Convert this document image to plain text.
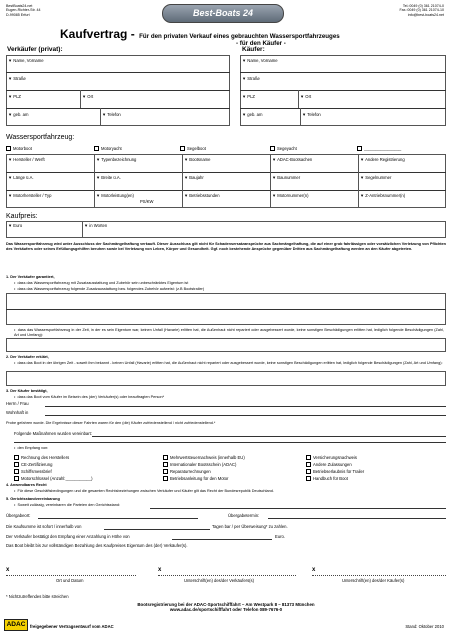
BestBoats24.net
Eugen-Richter-Str. 44
D-99085 Erfurt	Best-Boats 24
Tel.:0049 (0) 361 21074-0
Fax.:0049 (0) 361 21074-10
info@best-boats24.net
Kaufvertrag - Für den privaten Verkauf eines gebrauchten Wassersportfahrzeuges
- für den Käufer -
Verkäufer (privat):	Käufer:
▼ Name, Vorname
▼ Straße
▼ PLZ	▼ Ort
▼ geb. am	▼ Telefon
▼ Name, Vorname
▼ Straße
▼ PLZ	▼ Ort
▼ geb. am	▼ Telefon
Wassersportfahrzeug:
Motorboot	Motoryacht	Segelboot	Segeyacht	________________
▼ Hersteller / Werft	▼ Typenbezeichnung	▼ Bootsname	▼ ADAC-Bootsachen	▼ Andere Registrierung
▼ Länge ü.A.	▼ Breite ü.A.	▼ Baujahr	▼ Baunummer	▼ Segelnummer
▼ Motorhersteller / Typ	▼ Motorleistung(en)
PS/KW
▼ Betriebsstunden	▼ Motornummer(n)	▼ Z-Antriebsnummer(n)
Kaufpreis:
▼ Euro	▼ in Worten
Das Wassersportfahrzeug wird unter Ausschluss der Sachmängelhaftung verkauft. Dieser Ausschluss gilt nicht für Schadensersatzansprüche aus Sachmängelhaftung, die auf einer grob fahrlässigen oder vorsätzlichen Verletzung von Pflichten des Verkäufers oder seines Erfüllungsgehilfen beruhen sowie bei Verletzung von Leben, Körper und Gesundheit. Ggf. noch bestehende Ansprüche gegenüber Dritten aus Sachmängelhaftung werden an den Käufer abgetreten.
1. Der Verkäufer garantiert,
•  dass das Wassersportfahrzeug mit Zusatzausstattung und Zubehör sein unbeschränktes Eigentum ist
•  dass das Wassersportfahrzeug folgende Zusatzausstattung bzw. folgendes Zubehör aufweist: (z.B Bootstrailer)
•  dass das Wassersportfahrzeug in der Zeit, in der es sein Eigentum war, keinen Unfall (Havarie) erlitten hat, die Außenhaut nicht repariert oder ausgebessert wurde, keine sonstigen Beschädigungen erlitten hat, lediglich folgende Beschädigungen (Zahl, Art und Umfang):
2. Der Verkäufer erklärt,
•  dass das Boot in der übrigen Zeit - soweit ihm bekannt - keinen Unfall (Havarie) erlitten hat, die Außenhaut nicht repariert oder ausgebessert wurde, keine sonstigen Beschädigungen erlitten hat, lediglich folgende Beschädigungen (Zahl, Art und Umfang):
3. Der Käufer bestätigt,
•  dass das Boot vom Käufer im Beisein des (der) Verkäufer(s) oder beauftragten Person*
Herrn / Frau
Wohnhaft in
Probe gefahren wurde. Die Ergebnisse dieser Fahrten waren für den (die) Käufer zufriedenstellend / nicht zufriedenstellend.*
Folgende Maßnahmen wurden vereinbart:
•  den Empfang von:
Rechnung des Herstellers	Mehrwertsteuernachweis (innerhalb EU)	Versicherungsnachweis
CE-Zertifizierung	Internationaler Bootsschein (ADAC)	Andere Zulassungen
Schiffsmessbrief	Reparaturrechnungen	Betriebserlaubnis für Trailer
Motorschlüssel (Anzahl:___________)	Betriebsanleitung für den Motor	Handbuch für Boot
4. Anwendbares Recht
•  Für diese Geschäftsbedingungen und die gesamten Rechtsbeziehungen zwischen Verkäufer und Käufer gilt das Recht der Bundesrepublik Deutschland.
5. Gerichtsstandvereinbarung
•  Soweit zulässig, vereinbaren die Parteien den Gerichtsstand:
Übergabeort:	Übergabetermin:
Die Kaufsumme ist sofort / innerhalb von	Tagen bar / per Überweisung* zu zahlen.
Der Verkäufer bestätigt den Empfang einer Anzahlung in Höhe von	Euro.
Das Boot bleibt bis zur vollständigen Bezahlung des Kaufpreises Eigentum des (der) Verkäufer(s).
x	x	x
Ort und Datum	Unterschrift(en) des/der Verkäufers(s)	Unterschrift(en) des/der Käufer(s)
* Nichtzutreffendes bitte streichen
Bootsregistrierung bei der ADAC-Sportschifffahrt – Am Westpark 8 – 81373 München
www.adac.de/sportschifffahrt oder Telefon 089-7676-0
ADAC	freigegebener Vertragsentwurf vom ADAC	Stand: Oktober 2010
